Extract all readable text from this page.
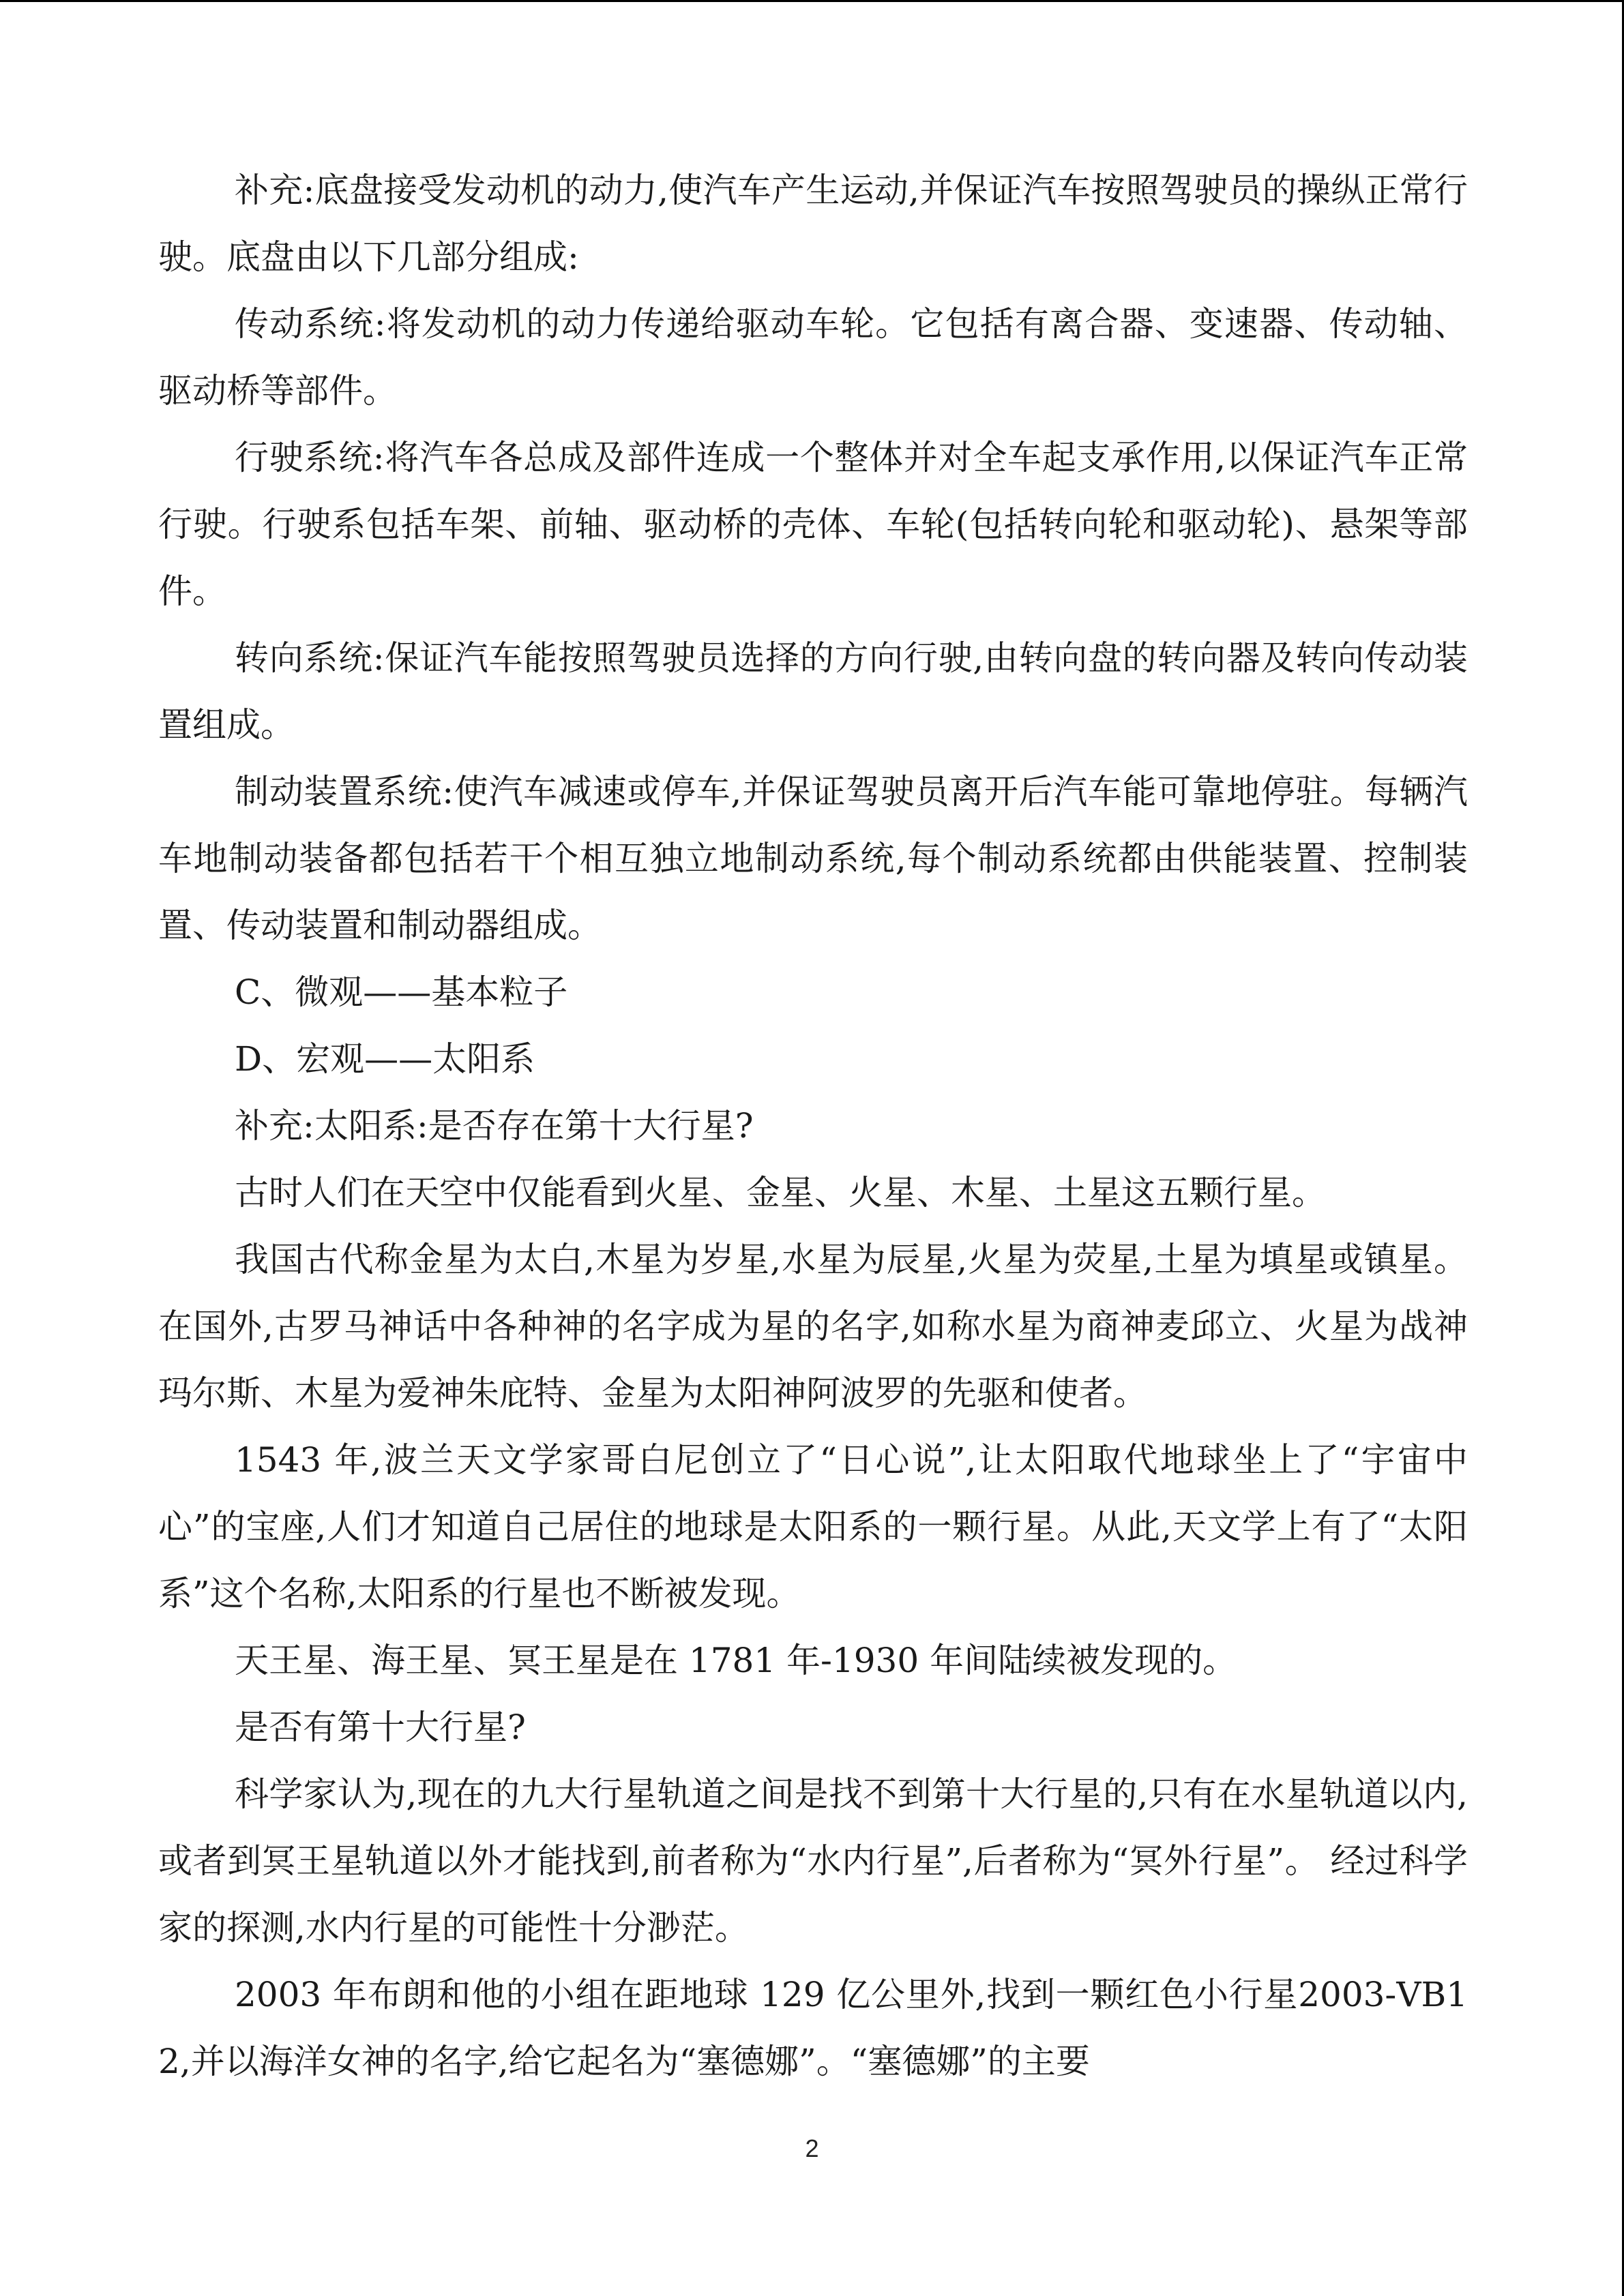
补充:底盘接受发动机的动力,使汽车产生运动,并保证汽车按照驾驶员的操纵正常行驶。底盘由以下几部分组成:

传动系统:将发动机的动力传递给驱动车轮。它包括有离合器、变速器、传动轴、驱动桥等部件。

行驶系统:将汽车各总成及部件连成一个整体并对全车起支承作用,以保证汽车正常行驶。行驶系包括车架、前轴、驱动桥的壳体、车轮(包括转向轮和驱动轮)、悬架等部件。

转向系统:保证汽车能按照驾驶员选择的方向行驶,由转向盘的转向器及转向传动装置组成。

制动装置系统:使汽车减速或停车,并保证驾驶员离开后汽车能可靠地停驻。每辆汽车地制动装备都包括若干个相互独立地制动系统,每个制动系统都由供能装置、控制装置、传动装置和制动器组成。

C、微观——基本粒子

D、宏观——太阳系

补充:太阳系:是否存在第十大行星?

古时人们在天空中仅能看到火星、金星、火星、木星、土星这五颗行星。

我国古代称金星为太白,木星为岁星,水星为辰星,火星为荧星,土星为填星或镇星。在国外,古罗马神话中各种神的名字成为星的名字,如称水星为商神麦邱立、火星为战神玛尔斯、木星为爱神朱庇特、金星为太阳神阿波罗的先驱和使者。

1543 年,波兰天文学家哥白尼创立了“日心说”,让太阳取代地球坐上了“宇宙中心”的宝座,人们才知道自己居住的地球是太阳系的一颗行星。从此,天文学上有了“太阳系”这个名称,太阳系的行星也不断被发现。

天王星、海王星、冥王星是在 1781 年-1930 年间陆续被发现的。

是否有第十大行星?

科学家认为,现在的九大行星轨道之间是找不到第十大行星的,只有在水星轨道以内,或者到冥王星轨道以外才能找到,前者称为“水内行星”,后者称为“冥外行星”。 经过科学家的探测,水内行星的可能性十分渺茫。

2003 年布朗和他的小组在距地球 129 亿公里外,找到一颗红色小行星2003-VB12,并以海洋女神的名字,给它起名为“塞德娜”。“塞德娜”的主要

2
